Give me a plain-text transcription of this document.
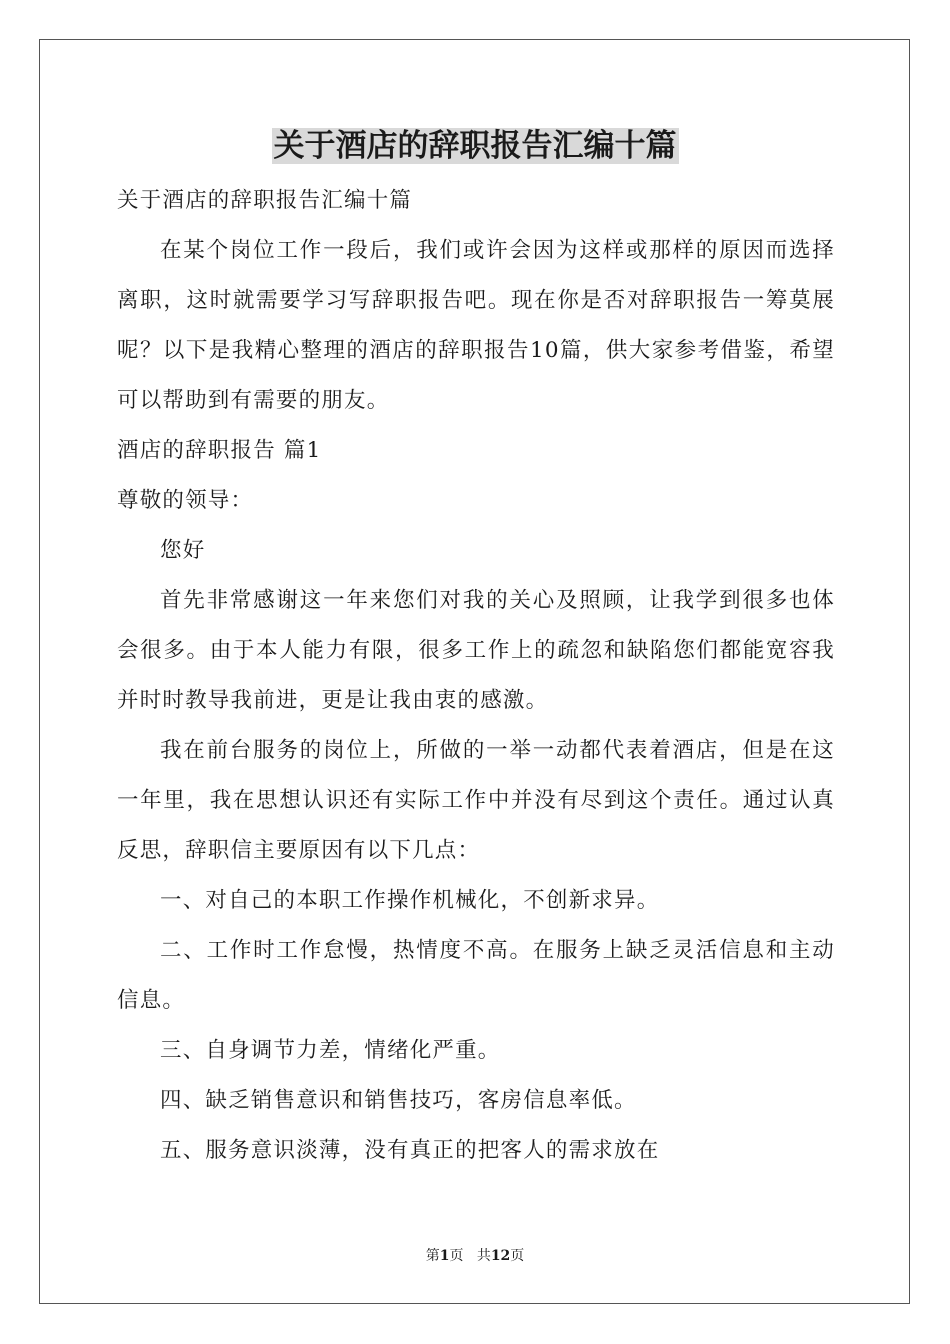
关于酒店的辞职报告汇编十篇

关于酒店的辞职报告汇编十篇

在某个岗位工作一段后，我们或许会因为这样或那样的原因而选择离职，这时就需要学习写辞职报告吧。现在你是否对辞职报告一筹莫展呢？以下是我精心整理的酒店的辞职报告10篇，供大家参考借鉴，希望可以帮助到有需要的朋友。

酒店的辞职报告 篇1

尊敬的领导：

您好

首先非常感谢这一年来您们对我的关心及照顾，让我学到很多也体会很多。由于本人能力有限，很多工作上的疏忽和缺陷您们都能宽容我并时时教导我前进，更是让我由衷的感激。

我在前台服务的岗位上，所做的一举一动都代表着酒店，但是在这一年里，我在思想认识还有实际工作中并没有尽到这个责任。通过认真反思，辞职信主要原因有以下几点：

一、对自己的本职工作操作机械化，不创新求异。

二、工作时工作怠慢，热情度不高。在服务上缺乏灵活信息和主动信息。

三、自身调节力差，情绪化严重。

四、缺乏销售意识和销售技巧，客房信息率低。

五、服务意识淡薄，没有真正的把客人的需求放在

第1页 共12页
